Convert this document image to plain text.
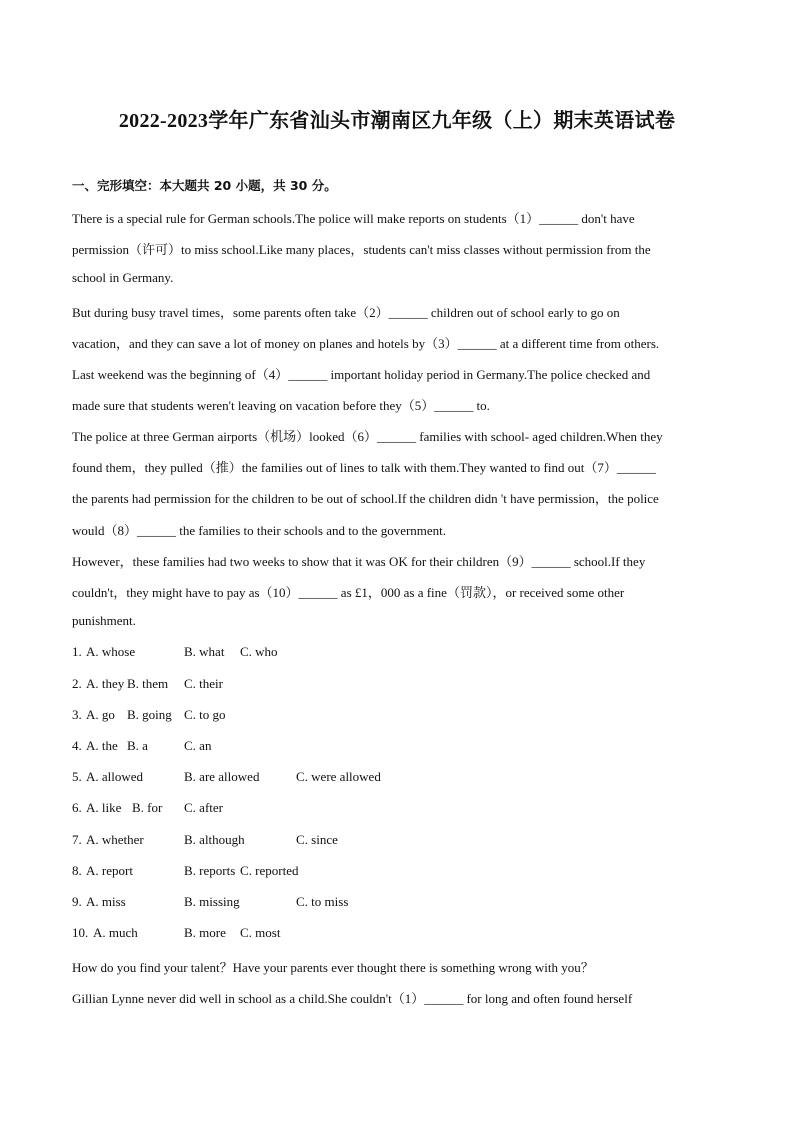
2022-2023学年广东省汕头市潮南区九年级（上）期末英语试卷
一、完形填空：本大题共 20 小题，共 30 分。
There is a special rule for German schools.The police will make reports on students（1）______ don't have
permission（许可）to miss school.Like many places，students can't miss classes without permission from the
school in Germany.
But during busy travel times，some parents often take（2）______ children out of school early to go on
vacation，and they can save a lot of money on planes and hotels by（3）______ at a different time from others.
Last weekend was the beginning of（4）______ important holiday period in Germany.The police checked and
made sure that students weren't leaving on vacation before they（5）______ to.
The police at three German airports（机场）looked（6）______ families with school- aged children.When they
found them，they pulled（推）the families out of lines to talk with them.They wanted to find out（7）______
the parents had permission for the children to be out of school.If the children didn 't have permission，the police
would（8）______ the families to their schools and to the government.
However，these families had two weeks to show that it was OK for their children（9）______ school.If they
couldn't，they might have to pay as（10）______ as £1，000 as a fine（罚款），or received some other
punishment.
1. A. whose	B. what C. who
2. A. they B. them C. their
3. A. go B. going C. to go
4. A. the B. a	C. an
5. A. allowed	B. are allowed	C. were allowed
6. A. like B. for C. after
7. A. whether	B. although	C. since
8. A. report	B. reports C. reported
9. A. miss	B. missing	C. to miss
10. A. much	B. more C. most
How do you find your talent？Have your parents ever thought there is something wrong with you？
Gillian Lynne never did well in school as a child.She couldn't（1）______ for long and often found herself
